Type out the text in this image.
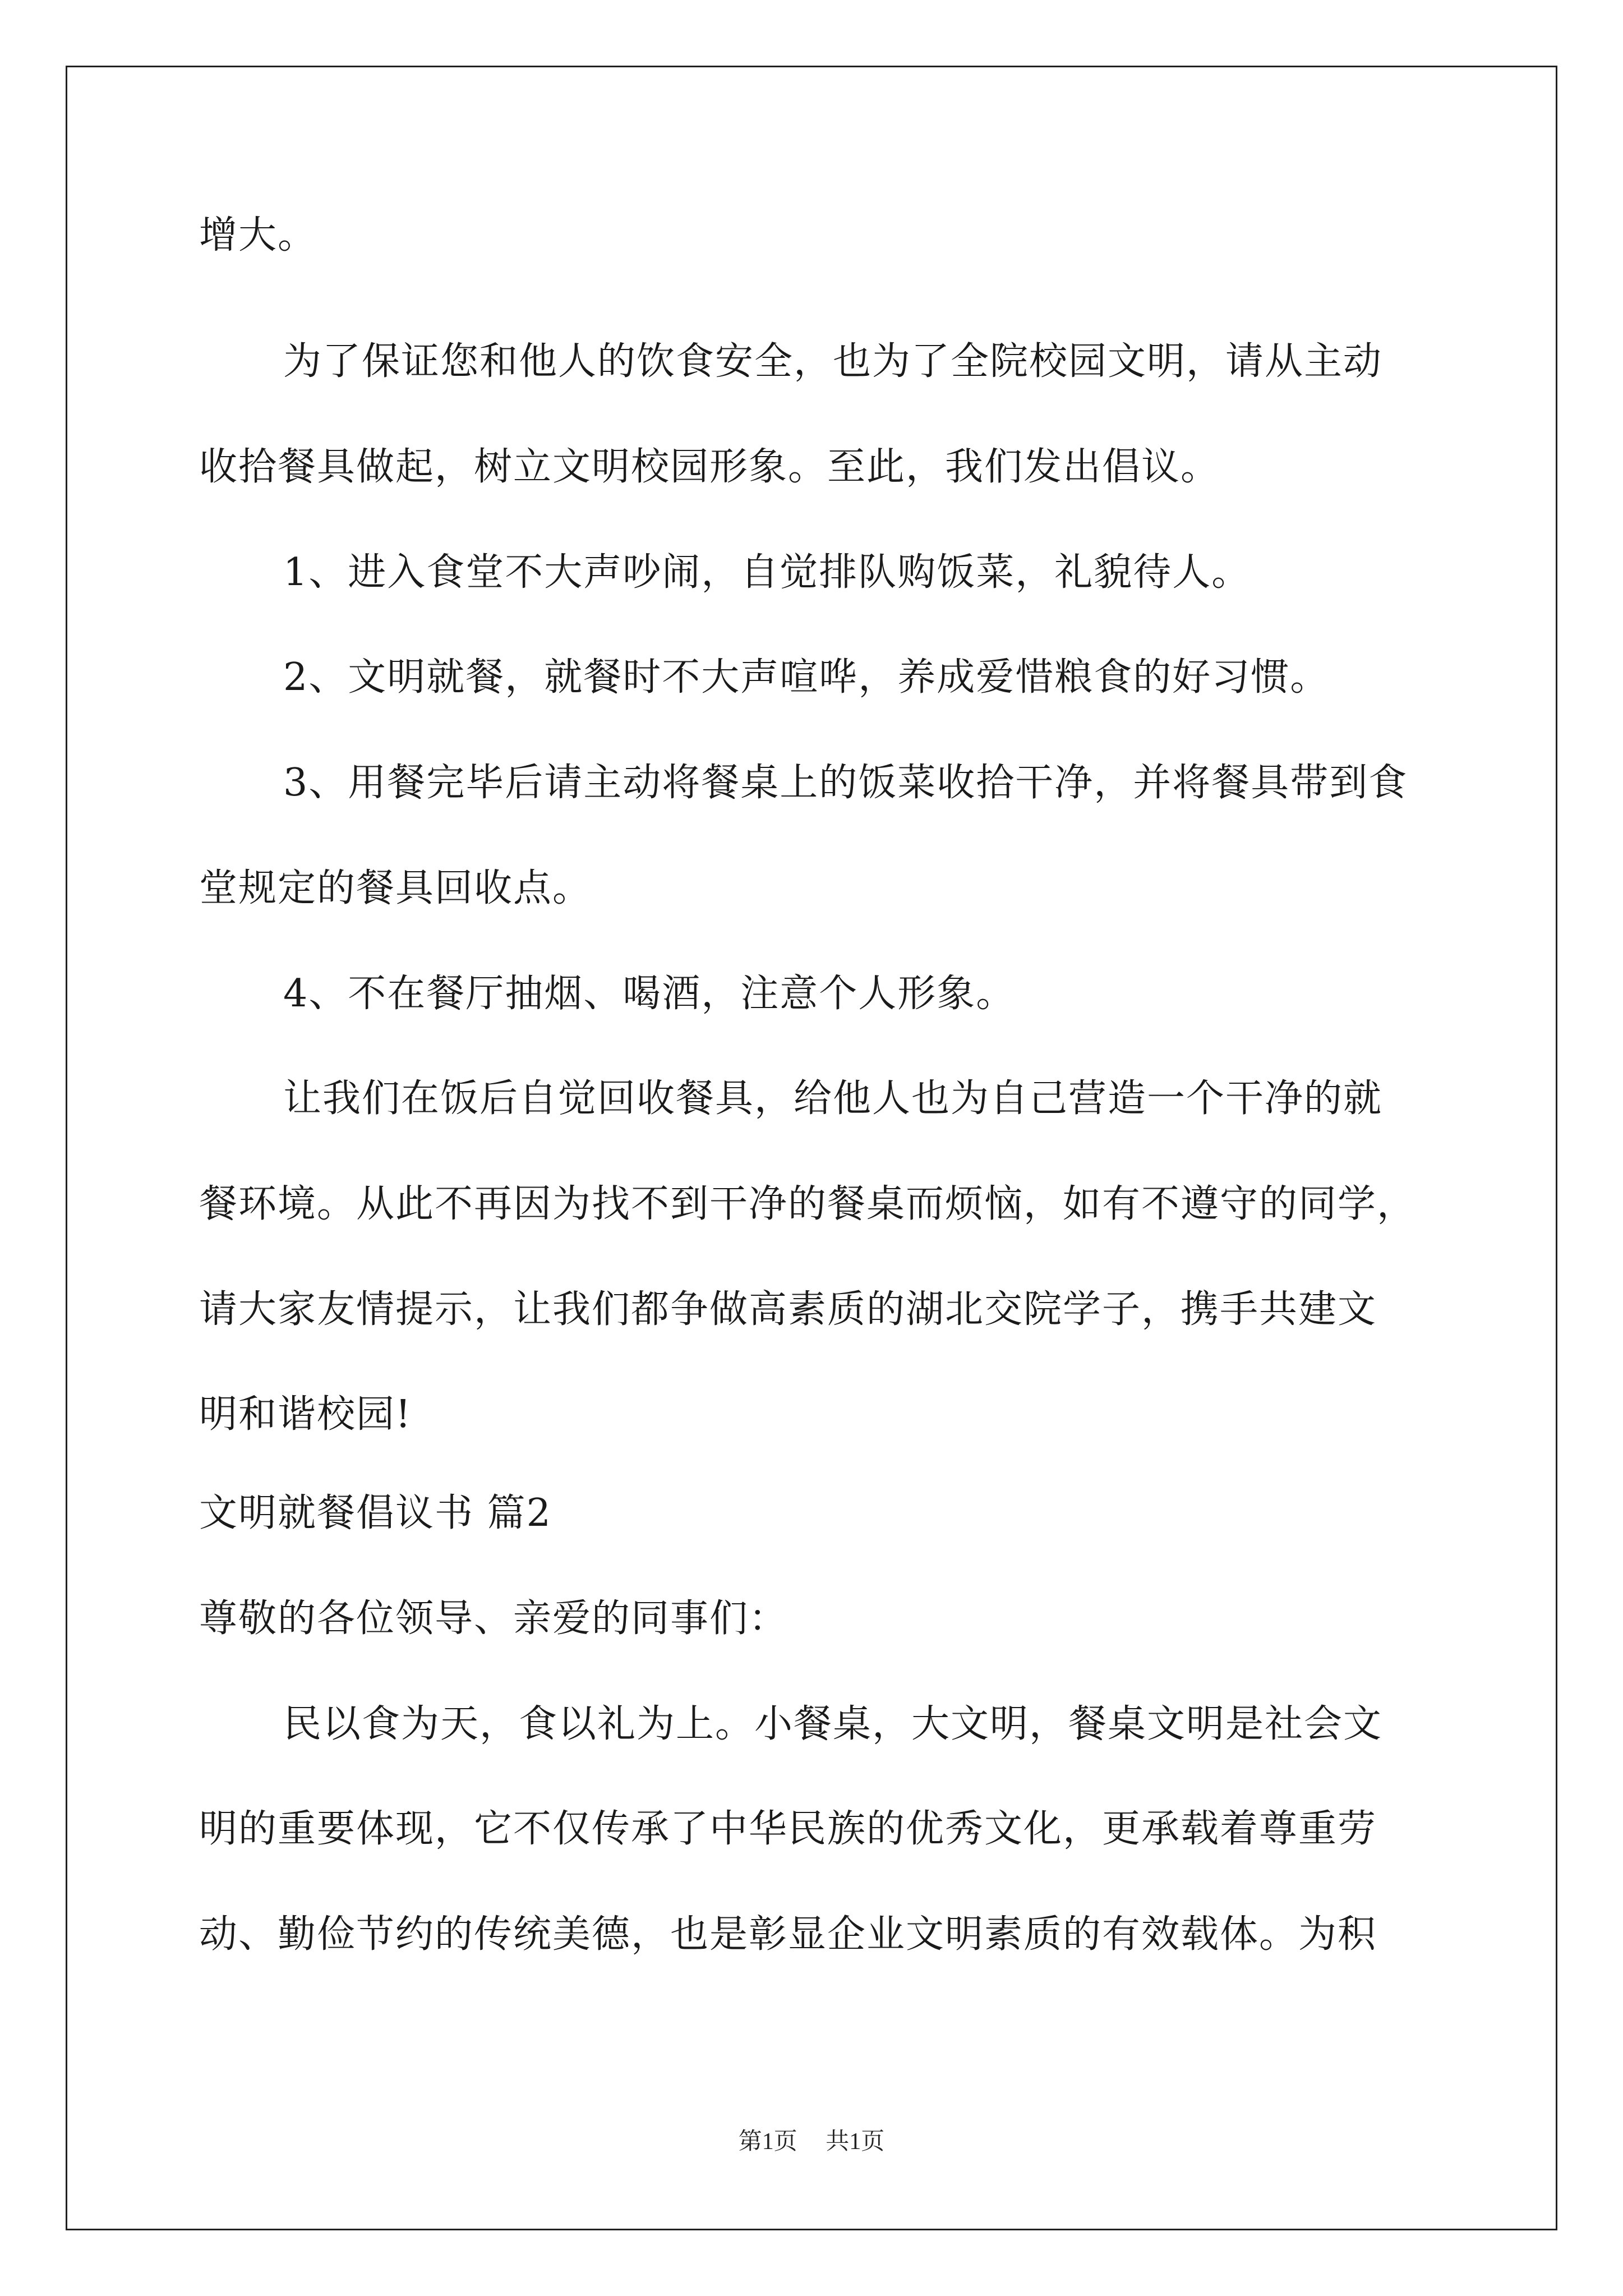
增大。
为了保证您和他人的饮食安全，也为了全院校园文明，请从主动
收拾餐具做起，树立文明校园形象。至此，我们发出倡议。
1、进入食堂不大声吵闹，自觉排队购饭菜，礼貌待人。
2、文明就餐，就餐时不大声喧哗，养成爱惜粮食的好习惯。
3、用餐完毕后请主动将餐桌上的饭菜收拾干净，并将餐具带到食
堂规定的餐具回收点。
4、不在餐厅抽烟、喝酒，注意个人形象。
让我们在饭后自觉回收餐具，给他人也为自己营造一个干净的就
餐环境。从此不再因为找不到干净的餐桌而烦恼，如有不遵守的同学，
请大家友情提示，让我们都争做高素质的湖北交院学子，携手共建文
明和谐校园!
文明就餐倡议书 篇2
尊敬的各位领导、亲爱的同事们：
民以食为天，食以礼为上。小餐桌，大文明，餐桌文明是社会文
明的重要体现，它不仅传承了中华民族的优秀文化，更承载着尊重劳
动、勤俭节约的传统美德，也是彰显企业文明素质的有效载体。为积
第1页 共1页
